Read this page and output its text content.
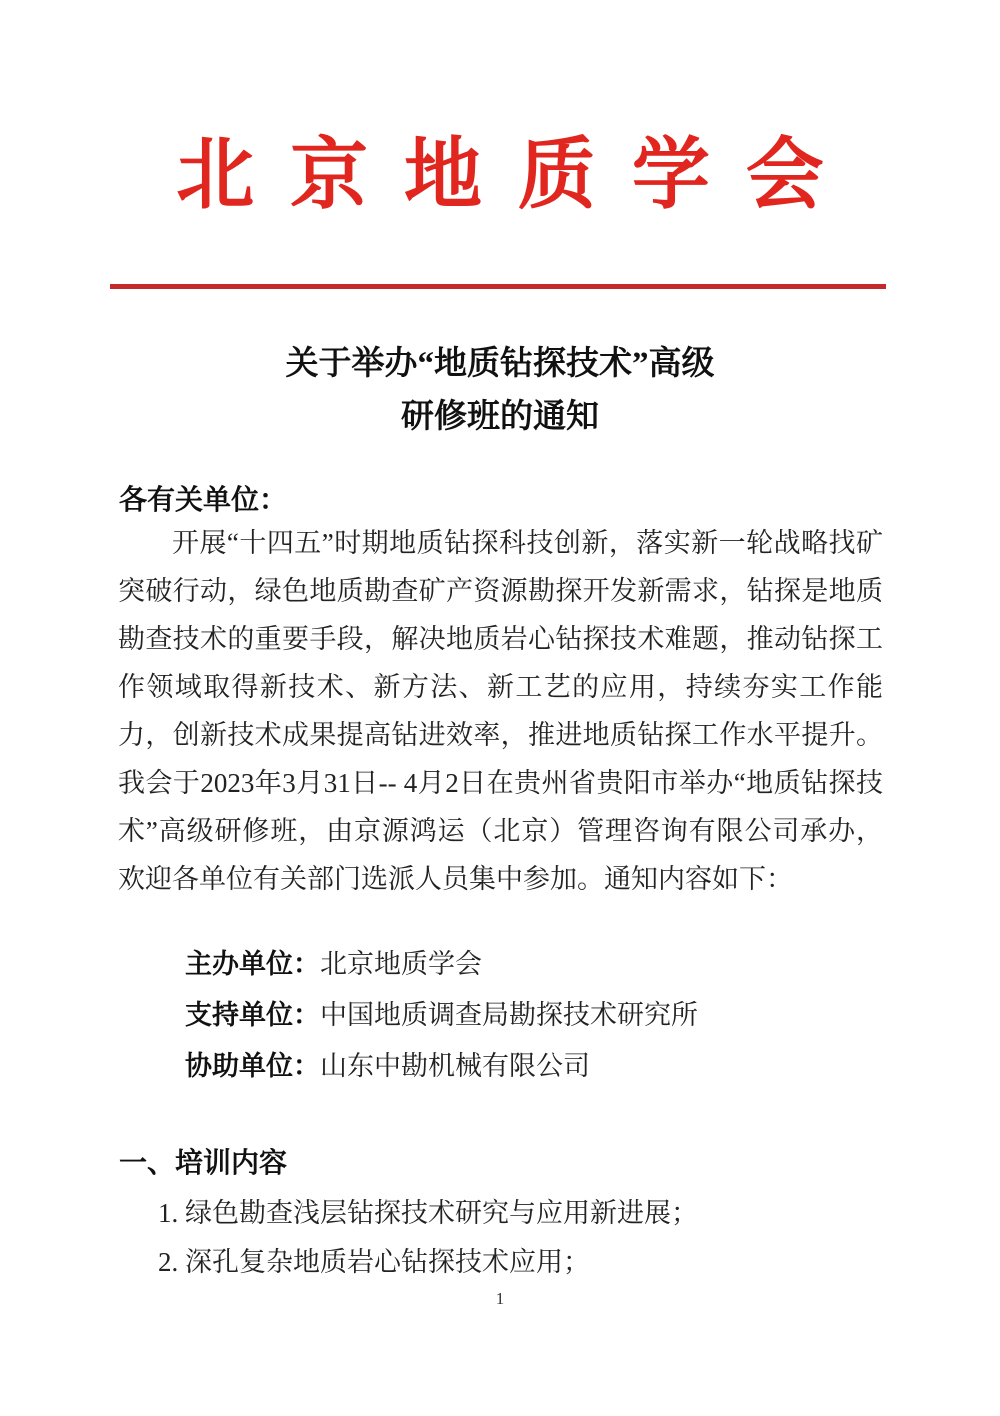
北京地质学会
关于举办“地质钻探技术”高级
研修班的通知
各有关单位：
开展“十四五”时期地质钻探科技创新，落实新一轮战略找矿突破行动，绿色地质勘查矿产资源勘探开发新需求，钻探是地质勘查技术的重要手段，解决地质岩心钻探技术难题，推动钻探工作领域取得新技术、新方法、新工艺的应用，持续夯实工作能力，创新技术成果提高钻进效率，推进地质钻探工作水平提升。我会于2023年3月31日-- 4月2日在贵州省贵阳市举办“地质钻探技术”高级研修班，由京源鸿运（北京）管理咨询有限公司承办，欢迎各单位有关部门选派人员集中参加。通知内容如下：
主办单位：北京地质学会
支持单位：中国地质调查局勘探技术研究所
协助单位：山东中勘机械有限公司
一、培训内容
1. 绿色勘查浅层钻探技术研究与应用新进展；
2. 深孔复杂地质岩心钻探技术应用；
1
